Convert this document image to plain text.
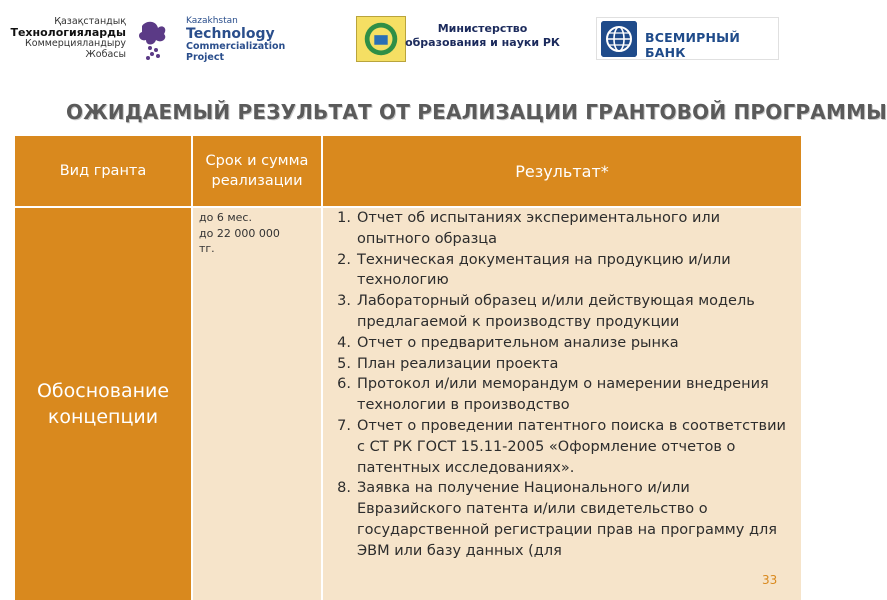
Қазақстандық
Технологияларды
Коммерцияландыру
Жобасы
Kazakhstan
Technology
Commercialization
Project
Министерство
образования и науки РК	ВСЕМИРНЫЙ БАНК
ОЖИДАЕМЫЙ РЕЗУЛЬТАТ ОТ РЕАЛИЗАЦИИ ГРАНТОВОЙ ПРОГРАММЫ
Вид гранта
Срок и сумма реализации
Результат*
Обоснование
концепции
до 6 мес.
до 22 000 000
тг.
1. Отчет об испытаниях экспериментального или опытного образца
2. Техническая документация на продукцию и/или технологию
3. Лабораторный образец и/или действующая модель предлагаемой к производству продукции
4. Отчет о предварительном анализе рынка
5. План реализации проекта
6. Протокол и/или меморандум о намерении внедрения технологии в производство
7. Отчет о проведении патентного поиска в соответствии с СТ РК ГОСТ 15.11-2005 «Оформление отчетов о патентных исследованиях».
8. Заявка на получение Национального и/или Евразийского патента и/или свидетельство о государственной регистрации прав на программу для ЭВМ или базу данных (для
33
